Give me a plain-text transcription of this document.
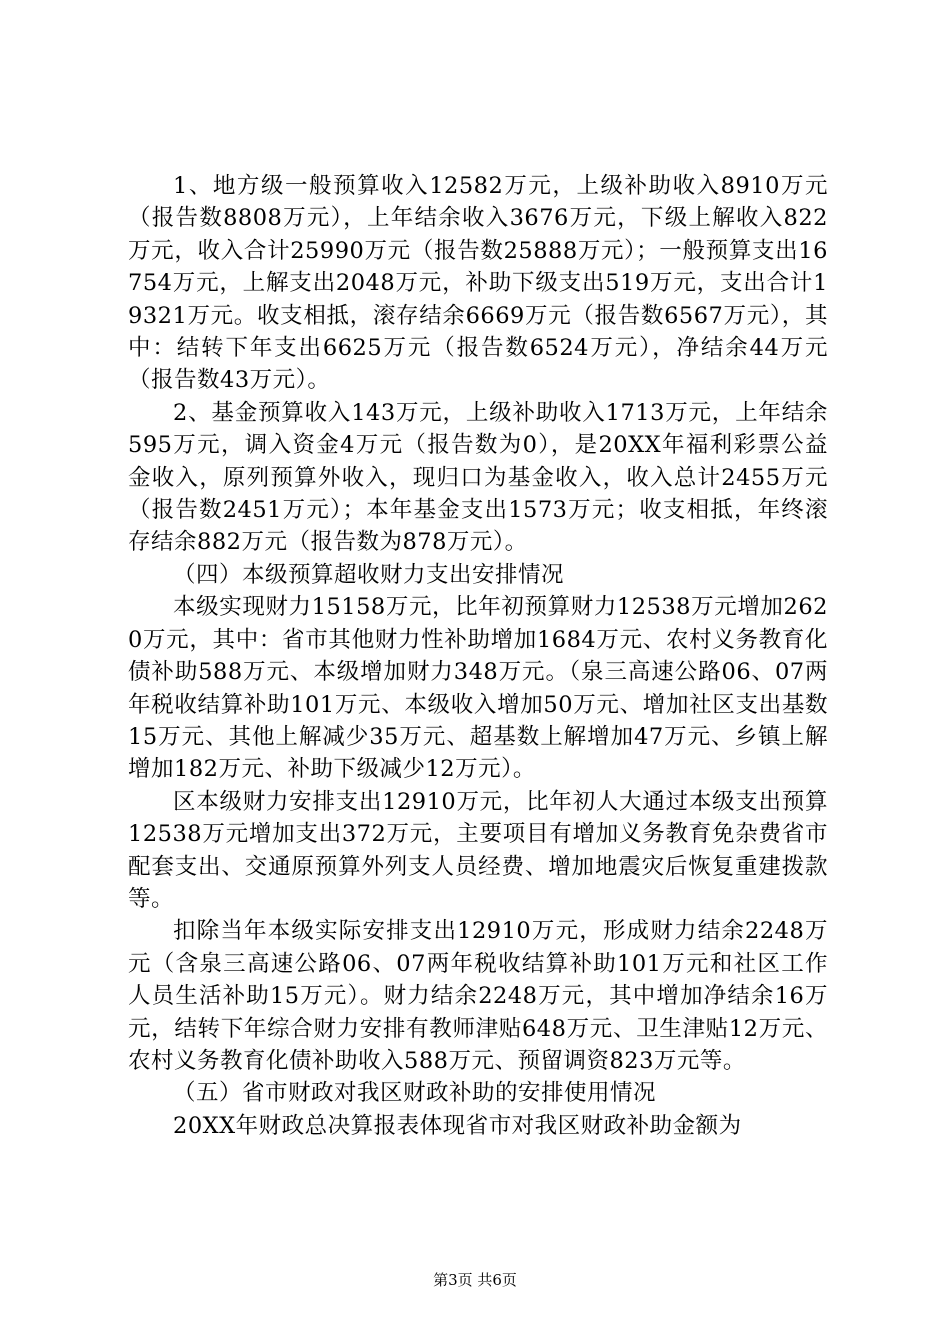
1、地方级一般预算收入12582万元，上级补助收入8910万元（报告数8808万元），上年结余收入3676万元，下级上解收入822万元，收入合计25990万元（报告数25888万元）；一般预算支出16754万元，上解支出2048万元，补助下级支出519万元，支出合计19321万元。收支相抵，滚存结余6669万元（报告数6567万元），其中：结转下年支出6625万元（报告数6524万元），净结余44万元（报告数43万元）。

2、基金预算收入143万元，上级补助收入1713万元，上年结余595万元，调入资金4万元（报告数为0），是20XX年福利彩票公益金收入，原列预算外收入，现归口为基金收入，收入总计2455万元（报告数2451万元）；本年基金支出1573万元；收支相抵，年终滚存结余882万元（报告数为878万元）。

（四）本级预算超收财力支出安排情况

本级实现财力15158万元，比年初预算财力12538万元增加2620万元，其中：省市其他财力性补助增加1684万元、农村义务教育化债补助588万元、本级增加财力348万元。（泉三高速公路06、07两年税收结算补助101万元、本级收入增加50万元、增加社区支出基数15万元、其他上解减少35万元、超基数上解增加47万元、乡镇上解增加182万元、补助下级减少12万元）。

区本级财力安排支出12910万元，比年初人大通过本级支出预算12538万元增加支出372万元，主要项目有增加义务教育免杂费省市配套支出、交通原预算外列支人员经费、增加地震灾后恢复重建拨款等。

扣除当年本级实际安排支出12910万元，形成财力结余2248万元（含泉三高速公路06、07两年税收结算补助101万元和社区工作人员生活补助15万元）。财力结余2248万元，其中增加净结余16万元，结转下年综合财力安排有教师津贴648万元、卫生津贴12万元、农村义务教育化债补助收入588万元、预留调资823万元等。

（五）省市财政对我区财政补助的安排使用情况

20XX年财政总决算报表体现省市对我区财政补助金额为

第3页 共6页
